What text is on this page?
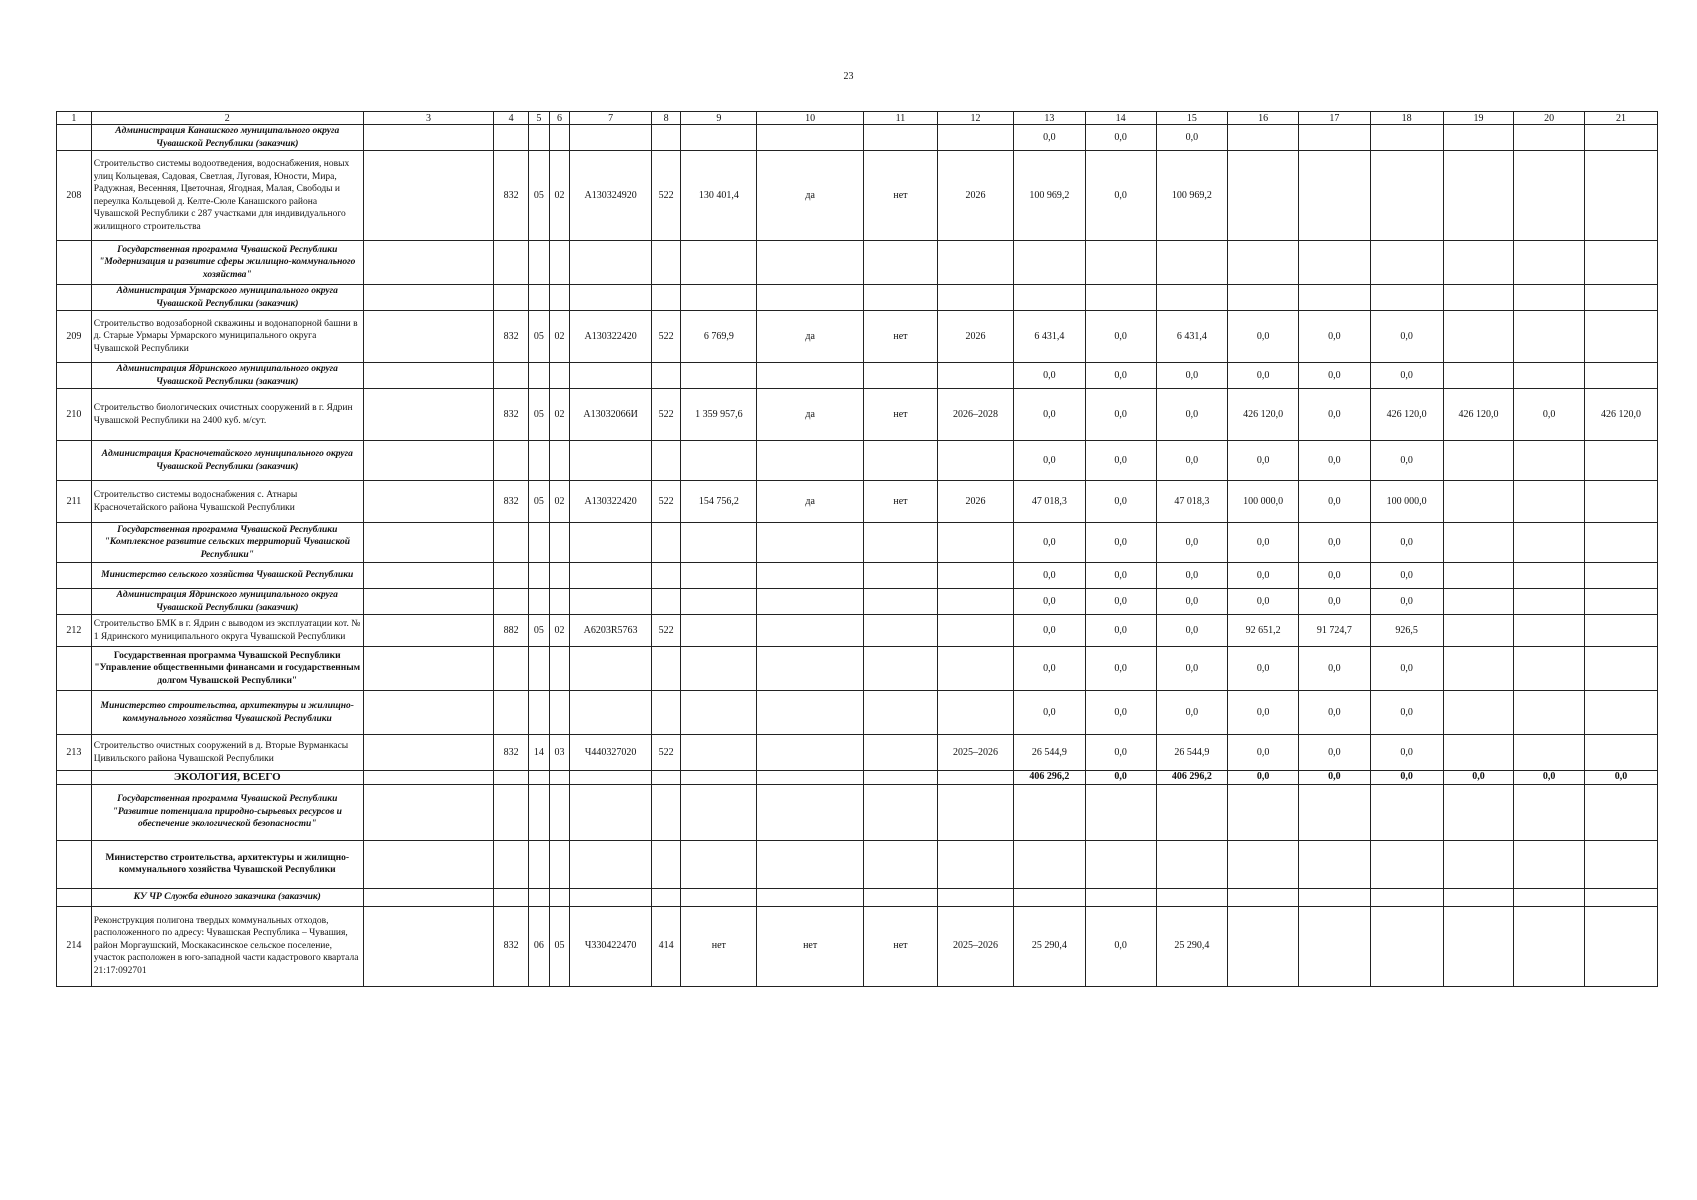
23
1	2	3	4	5	6	7	8	9	10	11	12	13	14	15	16	17	18	19	20	21
	Администрация Канашского муниципального округа Чувашской Республики (заказчик)											0,0	0,0	0,0						
208	Строительство системы водоотведения, водоснабжения, новых улиц Кольцевая, Садовая, Светлая, Луговая, Юности, Мира, Радужная, Весенняя, Цветочная, Ягодная, Малая, Свободы и переулка Кольцевой д. Келте-Сюле Канашского района Чувашской Республики с 287 участками для индивидуального жилищного строительства		832	05	02	А130324920	522	130 401,4	да	нет	2026	100 969,2	0,0	100 969,2						
	Государственная программа Чувашской Республики "Модернизация и развитие сферы жилищно-коммунального хозяйства"																			
	Администрация Урмарского муниципального округа Чувашской Республики (заказчик)																			
209	Строительство водозаборной скважины и водонапорной башни в д. Старые Урмары Урмарского муниципального округа Чувашской Республики		832	05	02	А130322420	522	6 769,9	да	нет	2026	6 431,4	0,0	6 431,4	0,0	0,0	0,0			
	Администрация Ядринского муниципального округа Чувашской Республики (заказчик)											0,0	0,0	0,0	0,0	0,0	0,0			
210	Строительство биологических очистных сооружений в г. Ядрин Чувашской Республики на 2400 куб. м/сут.		832	05	02	А13032066И	522	1 359 957,6	да	нет	2026–2028	0,0	0,0	0,0	426 120,0	0,0	426 120,0	426 120,0	0,0	426 120,0
	Администрация Красночетайского муниципального округа Чувашской Республики (заказчик)											0,0	0,0	0,0	0,0	0,0	0,0			
211	Строительство системы водоснабжения с. Атнары Красночетайского района Чувашской Республики		832	05	02	А130322420	522	154 756,2	да	нет	2026	47 018,3	0,0	47 018,3	100 000,0	0,0	100 000,0			
	Государственная программа Чувашской Республики "Комплексное развитие сельских территорий Чувашской Республики"											0,0	0,0	0,0	0,0	0,0	0,0			
	Министерство сельского хозяйства Чувашской Республики											0,0	0,0	0,0	0,0	0,0	0,0			
	Администрация Ядринского муниципального округа Чувашской Республики (заказчик)											0,0	0,0	0,0	0,0	0,0	0,0			
212	Строительство БМК в г. Ядрин с выводом из эксплуатации кот. № 1 Ядринского муниципального округа Чувашской Республики		882	05	02	А6203R5763	522					0,0	0,0	0,0	92 651,2	91 724,7	926,5			
	Государственная программа Чувашской Республики "Управление общественными финансами и государственным долгом Чувашской Республики"											0,0	0,0	0,0	0,0	0,0	0,0			
	Министерство строительства, архитектуры и жилищно-коммунального хозяйства Чувашской Республики											0,0	0,0	0,0	0,0	0,0	0,0			
213	Строительство очистных сооружений в д. Вторые Вурманкасы Цивильского района Чувашской Республики		832	14	03	Ч440327020	522				2025–2026	26 544,9	0,0	26 544,9	0,0	0,0	0,0			
	ЭКОЛОГИЯ, ВСЕГО											406 296,2	0,0	406 296,2	0,0	0,0	0,0	0,0	0,0	0,0
	Государственная программа Чувашской Республики "Развитие потенциала природно-сырьевых ресурсов и обеспечение экологической безопасности"																			
	Министерство строительства, архитектуры и жилищно-коммунального хозяйства Чувашской Республики																			
	КУ ЧР Служба единого заказчика (заказчик)																			
214	Реконструкция полигона твердых коммунальных отходов, расположенного по адресу: Чувашская Республика – Чувашия, район Моргаушский, Москакасинское сельское поселение, участок расположен в юго-западной части кадастрового квартала 21:17:092701		832	06	05	Ч330422470	414	нет	нет	нет	2025–2026	25 290,4	0,0	25 290,4						
